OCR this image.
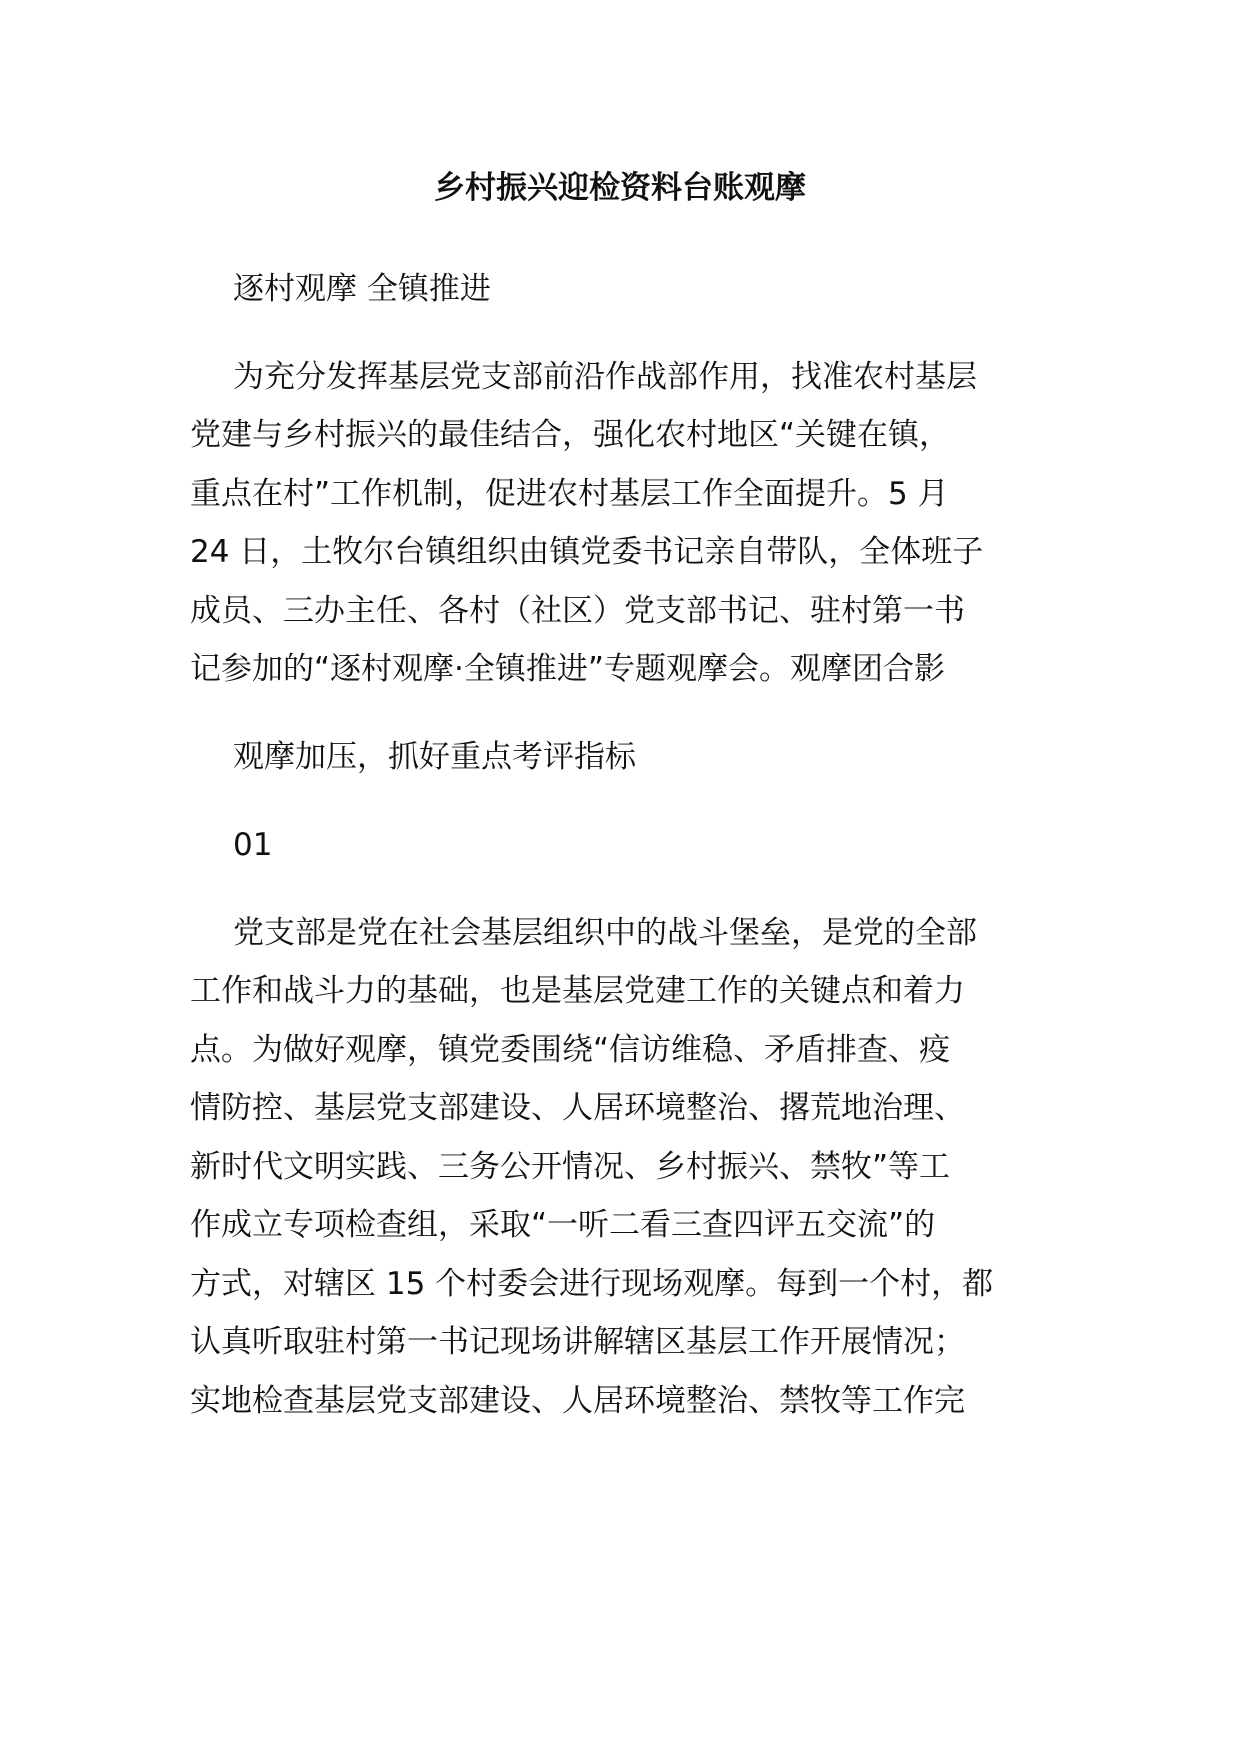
乡村振兴迎检资料台账观摩

逐村观摩 全镇推进

为充分发挥基层党支部前沿作战部作用，找准农村基层

党建与乡村振兴的最佳结合，强化农村地区“关键在镇，

重点在村”工作机制，促进农村基层工作全面提升。5 月

24 日，土牧尔台镇组织由镇党委书记亲自带队，全体班子

成员、三办主任、各村（社区）党支部书记、驻村第一书

记参加的“逐村观摩·全镇推进”专题观摩会。观摩团合影

观摩加压，抓好重点考评指标

01

党支部是党在社会基层组织中的战斗堡垒，是党的全部

工作和战斗力的基础，也是基层党建工作的关键点和着力

点。为做好观摩，镇党委围绕“信访维稳、矛盾排查、疫

情防控、基层党支部建设、人居环境整治、撂荒地治理、

新时代文明实践、三务公开情况、乡村振兴、禁牧”等工

作成立专项检查组，采取“一听二看三查四评五交流”的

方式，对辖区 15 个村委会进行现场观摩。每到一个村，都

认真听取驻村第一书记现场讲解辖区基层工作开展情况；

实地检查基层党支部建设、人居环境整治、禁牧等工作完
